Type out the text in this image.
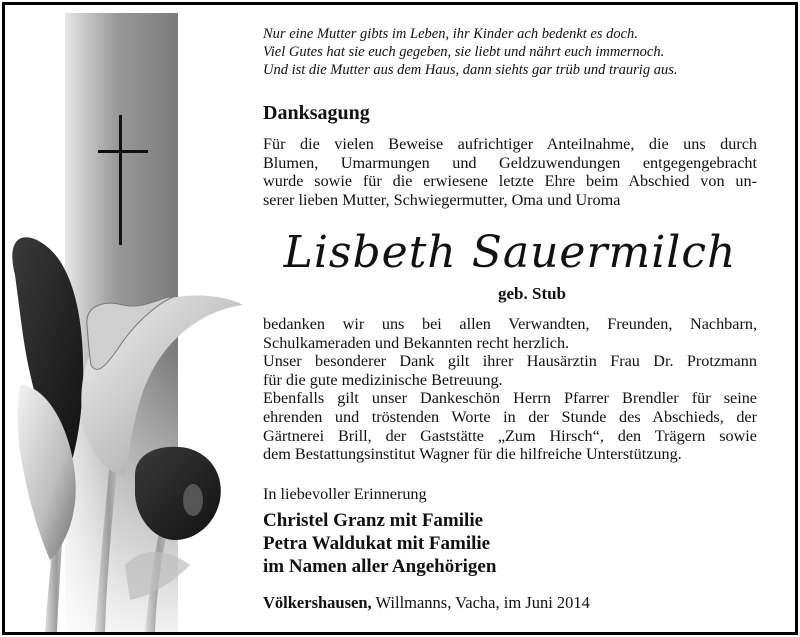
Nur eine Mutter gibts im Leben, ihr Kinder ach bedenkt es doch.
Viel Gutes hat sie euch gegeben, sie liebt und nährt euch immernoch.
Und ist die Mutter aus dem Haus, dann siehts gar trüb und traurig aus.
Danksagung
Für die vielen Beweise aufrichtiger Anteilnahme, die uns durch
Blumen, Umarmungen und Geldzuwendungen entgegengebracht
wurde sowie für die erwiesene letzte Ehre beim Abschied von un-
serer lieben Mutter, Schwiegermutter, Oma und Uroma
Lisbeth Sauermilch
geb. Stub
bedanken wir uns bei allen Verwandten, Freunden, Nachbarn,
Schulkameraden und Bekannten recht herzlich.
Unser besonderer Dank gilt ihrer Hausärztin Frau Dr. Protzmann
für die gute medizinische Betreuung.
Ebenfalls gilt unser Dankeschön Herrn Pfarrer Brendler für seine
ehrenden und tröstenden Worte in der Stunde des Abschieds, der
Gärtnerei Brill, der Gaststätte „Zum Hirsch“, den Trägern sowie
dem Bestattungsinstitut Wagner für die hilfreiche Unterstützung.
In liebevoller Erinnerung
Christel Granz mit Familie
Petra Waldukat mit Familie
im Namen aller Angehörigen
Völkershausen, Willmanns, Vacha, im Juni 2014
